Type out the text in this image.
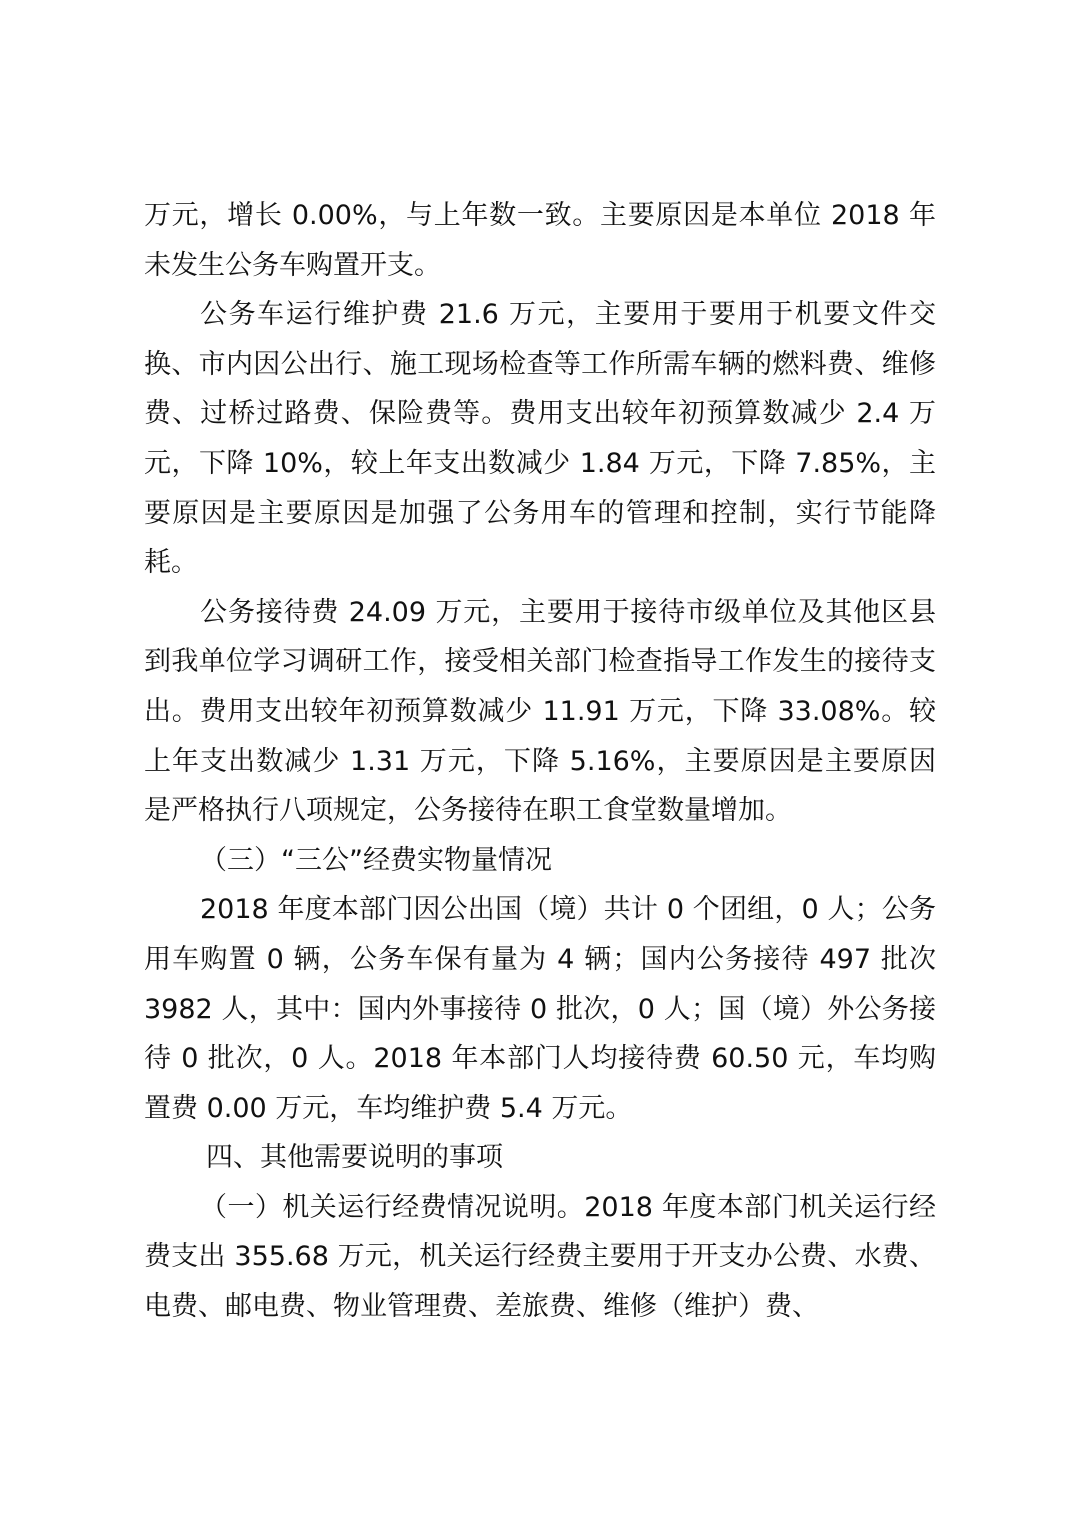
万元，增长 0.00%，与上年数一致。主要原因是本单位 2018 年未发生公务车购置开支。

公务车运行维护费 21.6 万元，主要用于要用于机要文件交换、市内因公出行、施工现场检查等工作所需车辆的燃料费、维修费、过桥过路费、保险费等。费用支出较年初预算数减少 2.4 万元，下降 10%，较上年支出数减少 1.84 万元，下降 7.85%，主要原因是主要原因是加强了公务用车的管理和控制，实行节能降耗。

公务接待费 24.09 万元，主要用于接待市级单位及其他区县到我单位学习调研工作，接受相关部门检查指导工作发生的接待支出。费用支出较年初预算数减少 11.91 万元，下降 33.08%。较上年支出数减少 1.31 万元，下降 5.16%，主要原因是主要原因是严格执行八项规定，公务接待在职工食堂数量增加。

（三）“三公”经费实物量情况

2018 年度本部门因公出国（境）共计 0 个团组，0 人；公务用车购置 0 辆，公务车保有量为 4 辆；国内公务接待 497 批次 3982 人，其中：国内外事接待 0 批次，0 人；国（境）外公务接待 0 批次，0 人。2018 年本部门人均接待费 60.50 元，车均购置费 0.00 万元，车均维护费 5.4 万元。

四、其他需要说明的事项

（一）机关运行经费情况说明。2018 年度本部门机关运行经费支出 355.68 万元，机关运行经费主要用于开支办公费、水费、电费、邮电费、物业管理费、差旅费、维修（维护）费、
